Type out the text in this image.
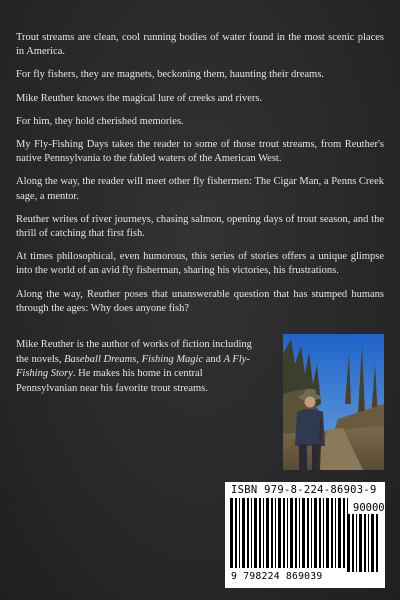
Trout streams are clean, cool running bodies of water found in the most scenic places in America.

For fly fishers, they are magnets, beckoning them, haunting their dreams.

Mike Reuther knows the magical lure of creeks and rivers.

For him, they hold cherished memories.

My Fly-Fishing Days takes the reader to some of those trout streams, from Reuther's native Pennsylvania to the fabled waters of the American West.

Along the way, the reader will meet other fly fishermen: The Cigar Man, a Penns Creek sage, a mentor.

Reuther writes of river journeys, chasing salmon, opening days of trout season, and the thrill of catching that first fish.

At times philosophical, even humorous, this series of stories offers a unique glimpse into the world of an avid fly fisherman, sharing his victories, his frustrations.

Along the way, Reuther poses that unanswerable question that has stumped humans through the ages: Why does anyone fish?

Mike Reuther is the author of works of fiction including the novels, Baseball Dreams, Fishing Magic and A Fly-Fishing Story. He makes his home in central Pennsylvanian near his favorite trout streams.

ISBN 979-8-224-86903-9
90000
9 798224 869039
